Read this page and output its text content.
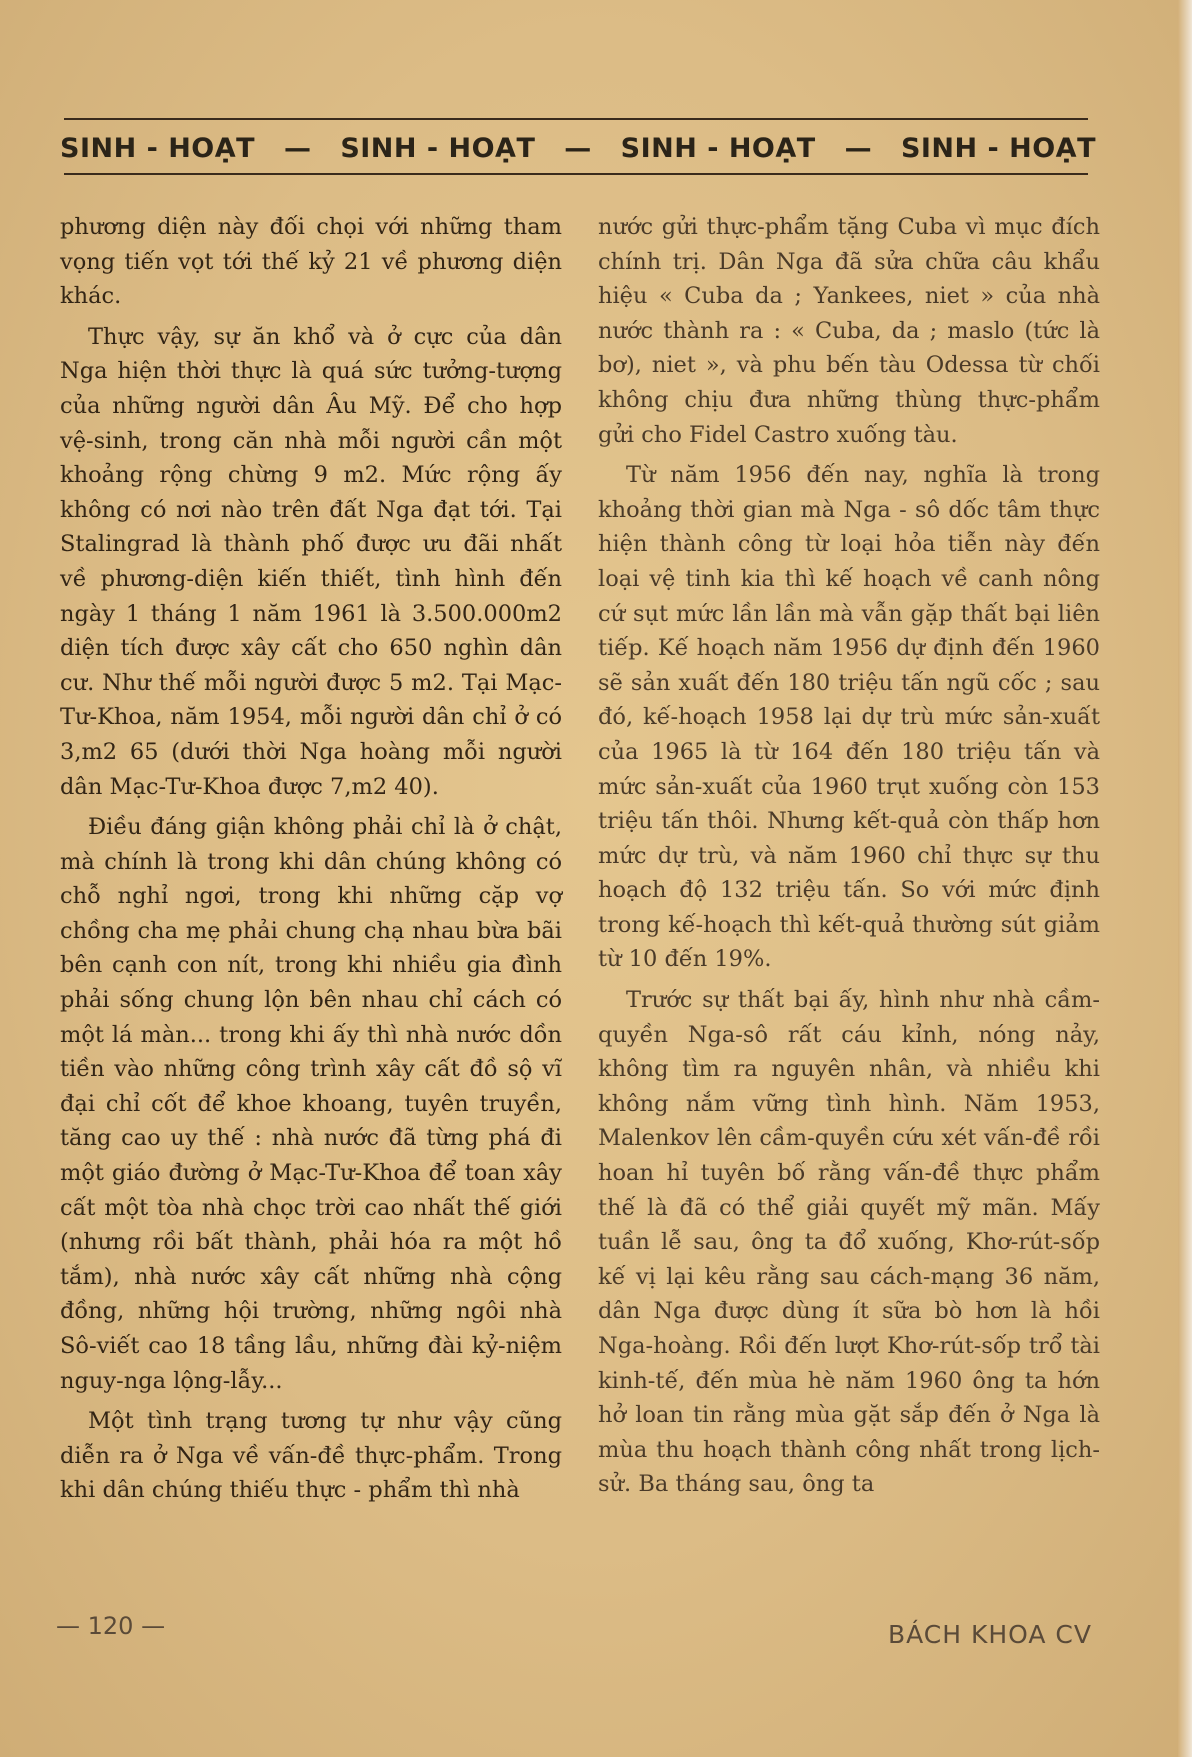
SINH - HOẠT — SINH - HOẠT — SINH - HOẠT — SINH - HOẠT

phương diện này đối chọi với những tham vọng tiến vọt tới thế kỷ 21 về phương diện khác.

Thực vậy, sự ăn khổ và ở cực của dân Nga hiện thời thực là quá sức tưởng-tượng của những người dân Âu Mỹ. Để cho hợp vệ-sinh, trong căn nhà mỗi người cần một khoảng rộng chừng 9 m2. Mức rộng ấy không có nơi nào trên đất Nga đạt tới. Tại Stalingrad là thành phố được ưu đãi nhất về phương-diện kiến thiết, tình hình đến ngày 1 tháng 1 năm 1961 là 3.500.000m2 diện tích được xây cất cho 650 nghìn dân cư. Như thế mỗi người được 5 m2. Tại Mạc-Tư-Khoa, năm 1954, mỗi người dân chỉ ở có 3,m2 65 (dưới thời Nga hoàng mỗi người dân Mạc-Tư-Khoa được 7,m2 40).

Điều đáng giận không phải chỉ là ở chật, mà chính là trong khi dân chúng không có chỗ nghỉ ngơi, trong khi những cặp vợ chồng cha mẹ phải chung chạ nhau bừa bãi bên cạnh con nít, trong khi nhiều gia đình phải sống chung lộn bên nhau chỉ cách có một lá màn... trong khi ấy thì nhà nước dồn tiền vào những công trình xây cất đồ sộ vĩ đại chỉ cốt để khoe khoang, tuyên truyền, tăng cao uy thế : nhà nước đã từng phá đi một giáo đường ở Mạc-Tư-Khoa để toan xây cất một tòa nhà chọc trời cao nhất thế giới (nhưng rồi bất thành, phải hóa ra một hồ tắm), nhà nước xây cất những nhà cộng đồng, những hội trường, những ngôi nhà Sô-viết cao 18 tầng lầu, những đài kỷ-niệm nguy-nga lộng-lẫy...

Một tình trạng tương tự như vậy cũng diễn ra ở Nga về vấn-đề thực-phẩm. Trong khi dân chúng thiếu thực - phẩm thì nhà

nước gửi thực-phẩm tặng Cuba vì mục đích chính trị. Dân Nga đã sửa chữa câu khẩu hiệu « Cuba da ; Yankees, niet » của nhà nước thành ra : « Cuba, da ; maslo (tức là bơ), niet », và phu bến tàu Odessa từ chối không chịu đưa những thùng thực-phẩm gửi cho Fidel Castro xuống tàu.

Từ năm 1956 đến nay, nghĩa là trong khoảng thời gian mà Nga - sô dốc tâm thực hiện thành công từ loại hỏa tiễn này đến loại vệ tinh kia thì kế hoạch về canh nông cứ sụt mức lần lần mà vẫn gặp thất bại liên tiếp. Kế hoạch năm 1956 dự định đến 1960 sẽ sản xuất đến 180 triệu tấn ngũ cốc ; sau đó, kế-hoạch 1958 lại dự trù mức sản-xuất của 1965 là từ 164 đến 180 triệu tấn và mức sản-xuất của 1960 trụt xuống còn 153 triệu tấn thôi. Nhưng kết-quả còn thấp hơn mức dự trù, và năm 1960 chỉ thực sự thu hoạch độ 132 triệu tấn. So với mức định trong kế-hoạch thì kết-quả thường sút giảm từ 10 đến 19%.

Trước sự thất bại ấy, hình như nhà cầm-quyền Nga-sô rất cáu kỉnh, nóng nảy, không tìm ra nguyên nhân, và nhiều khi không nắm vững tình hình. Năm 1953, Malenkov lên cầm-quyền cứu xét vấn-đề rồi hoan hỉ tuyên bố rằng vấn-đề thực phẩm thế là đã có thể giải quyết mỹ mãn. Mấy tuần lễ sau, ông ta đổ xuống, Khơ-rút-sốp kế vị lại kêu rằng sau cách-mạng 36 năm, dân Nga được dùng ít sữa bò hơn là hồi Nga-hoàng. Rồi đến lượt Khơ-rút-sốp trổ tài kinh-tế, đến mùa hè năm 1960 ông ta hớn hở loan tin rằng mùa gặt sắp đến ở Nga là mùa thu hoạch thành công nhất trong lịch-sử. Ba tháng sau, ông ta

— 120 —	BÁCH KHOA CV
